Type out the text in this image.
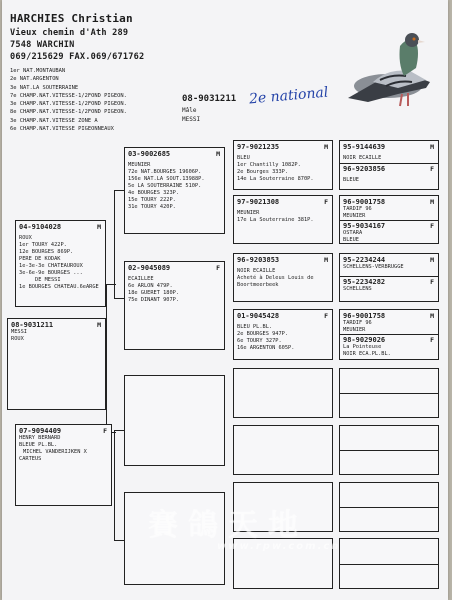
HARCHIES Christian
Vieux chemin d'Ath 289
7548 WARCHIN
069/215629 FAX.069/671762
1er NAT.MONTAUBAN
2e NAT.ARGENTON
3e NAT.LA SOUTERRAINE
7e CHAMP.NAT.VITESSE-1/2FOND PIGEON.
3e CHAMP.NAT.VITESSE-1/2FOND PIGEON.
8e CHAMP.NAT.VITESSE-1/2FOND PIGEON.
3e CHAMP.NAT.VITESSE ZONE A
6e CHAMP.NAT.VITESSE PIGEONNEAUX
08-9031211 2e national
Mâle
MESSI
04-9104028	M
ROUX
1er TOURY 422P.
12e BOURGES 869P.
PERE DE KODAK
1e-3e-3e CHATEAUROUX
3e-6e-9e BOURGES ...
DE MESSI
1e BOURGES CHATEAU.6eARGE
08-9031211	M
MESSI
ROUX
07-9094409	F
HENRY BERNARD
BLEUE PL.BL.
MICHEL VANDERIJKEN X
CARTEUS
03-9002685	M
MEUNIER
72e NAT.BOURGES 19606P.
156e NAT.LA SOUT.13988P.
5e LA SOUTERRAINE 510P.
4e BOURGES 323P.
15e TOURY 222P.
31e TOURY 420P.
02-9045089	F
ECAILLEE
6e ARLON 479P.
18e GUERET 180P.
75e DINANT 907P.
97-9021235	M
BLEU
1er Chantilly 1082P.
2e Bourges 333P.
14e La Souterraine 870P.
97-9021308	F
MEUNIER
17e La Souterraine 381P.
96-9203853	M
NOIR ECAILLE
Acheté à Deleus Louis de
Boortmeerbeek
01-9045428	F
BLEU PL.BL.
2e BOURGES 947P.
6e TOURY 327P.
16e ARGENTON 605P.
95-9144639
NOIR ECAILLE
M
96-9203856
BLEUE
F
96-9001758
TARDIF 96
MEUNIER
M
95-9034167
OSTARA
BLEUE
F
95-2234244
SCHELLENS-VERBRUGGE
M
95-2234282
SCHELLENS
F
96-9001758
TARDIF 96
MEUNIER
M
98-9029026
La Pointeuse
NOIR ECA.PL.BL.
F
賽鴿天地
www.rpw.com.cn
